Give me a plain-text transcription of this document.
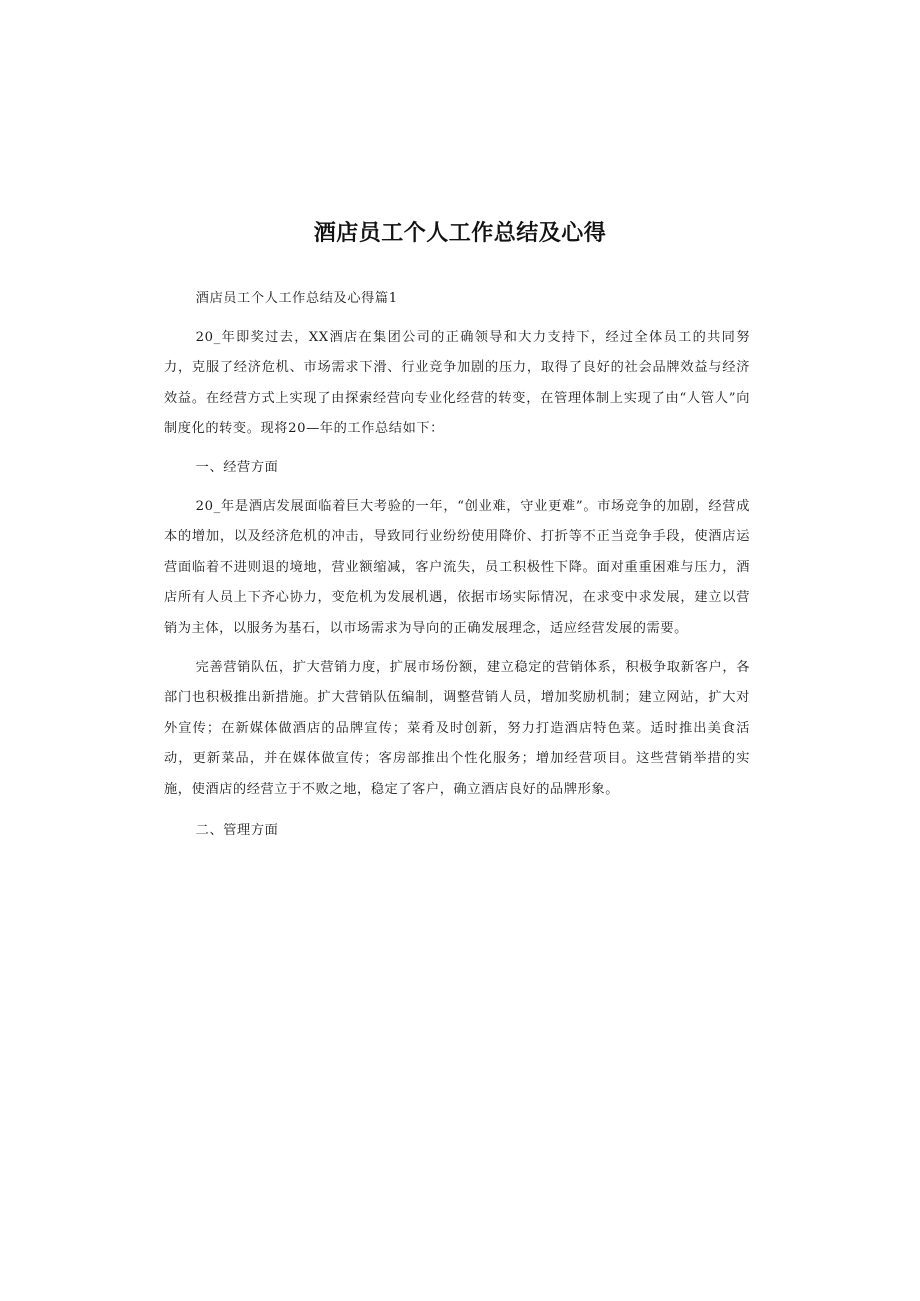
酒店员工个人工作总结及心得

酒店员工个人工作总结及心得篇1

20_年即奖过去，XX酒店在集团公司的正确领导和大力支持下，经过全体员工的共同努力，克服了经济危机、市场需求下滑、行业竞争加剧的压力，取得了良好的社会品牌效益与经济效益。在经营方式上实现了由探索经营向专业化经营的转变，在管理体制上实现了由“人管人”向制度化的转变。现将20—年的工作总结如下：

一、经营方面

20_年是酒店发展面临着巨大考验的一年，“创业难，守业更难”。市场竞争的加剧，经营成本的增加，以及经济危机的冲击，导致同行业纷纷使用降价、打折等不正当竞争手段，使酒店运营面临着不进则退的境地，营业额缩减，客户流失，员工积极性下降。面对重重困难与压力，酒店所有人员上下齐心协力，变危机为发展机遇，依据市场实际情况，在求变中求发展，建立以营销为主体，以服务为基石，以市场需求为导向的正确发展理念，适应经营发展的需要。

完善营销队伍，扩大营销力度，扩展市场份额，建立稳定的营销体系，积极争取新客户，各部门也积极推出新措施。扩大营销队伍编制，调整营销人员，增加奖励机制；建立网站，扩大对外宣传；在新媒体做酒店的品牌宣传；菜肴及时创新，努力打造酒店特色菜。适时推出美食活动，更新菜品，并在媒体做宣传；客房部推出个性化服务；增加经营项目。这些营销举措的实施，使酒店的经营立于不败之地，稳定了客户，确立酒店良好的品牌形象。

二、管理方面
